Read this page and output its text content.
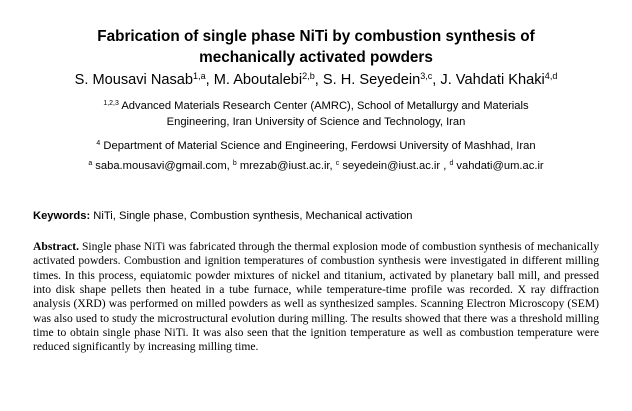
Fabrication of single phase NiTi by combustion synthesis of
mechanically activated powders
S. Mousavi Nasab$^{1,a}$, M. Aboutalebi$^{2,b}$, S. H. Seyedein$^{3,c}$, J. Vahdati Khaki$^{4,d}$
$^{1,2,3}$ Advanced Materials Research Center (AMRC), School of Metallurgy and Materials
Engineering, Iran University of Science and Technology, Iran
$^4$ Department of Material Science and Engineering, Ferdowsi University of Mashhad, Iran
$^a$ saba.mousavi@gmail.com, $^b$ mrezab@iust.ac.ir, $^c$ seyedein@iust.ac.ir , $^d$ vahdati@um.ac.ir
Keywords: NiTi, Single phase, Combustion synthesis, Mechanical activation
Abstract. Single phase NiTi was fabricated through the thermal explosion mode of combustion synthesis of mechanically activated powders. Combustion and ignition temperatures of combustion synthesis were investigated in different milling times. In this process, equiatomic powder mixtures of nickel and titanium, activated by planetary ball mill, and pressed into disk shape pellets then heated in a tube furnace, while temperature-time profile was recorded. X ray diffraction analysis (XRD) was performed on milled powders as well as synthesized samples. Scanning Electron Microscopy (SEM) was also used to study the microstructural evolution during milling. The results showed that there was a threshold milling time to obtain single phase NiTi. It was also seen that the ignition temperature as well as combustion temperature were reduced significantly by increasing milling time.
